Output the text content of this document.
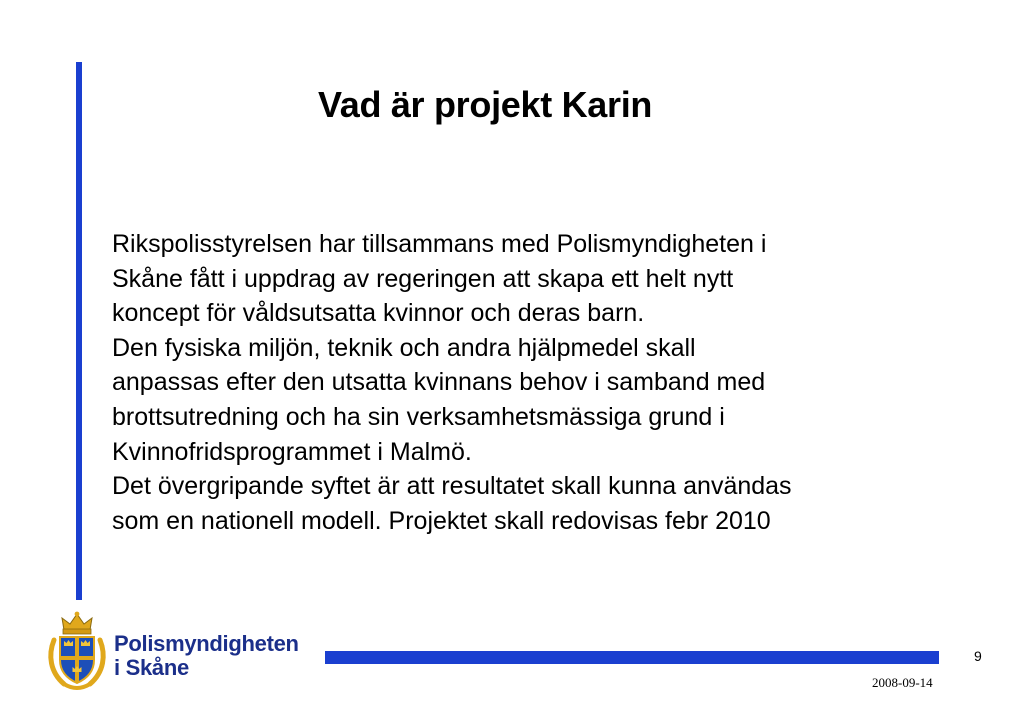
Vad är projekt Karin

Rikspolisstyrelsen har tillsammans med Polismyndigheten i

Skåne fått i uppdrag av regeringen att skapa ett helt nytt

koncept för våldsutsatta kvinnor och deras barn.

Den fysiska miljön, teknik och andra hjälpmedel skall

anpassas efter den utsatta kvinnans behov i samband med

brottsutredning och ha sin verksamhetsmässiga grund i

Kvinnofridsprogrammet i Malmö.

Det övergripande syftet är att resultatet skall kunna användas

som en nationell modell. Projektet skall redovisas febr 2010

Polismyndigheten
i Skåne	9
2008-09-14
